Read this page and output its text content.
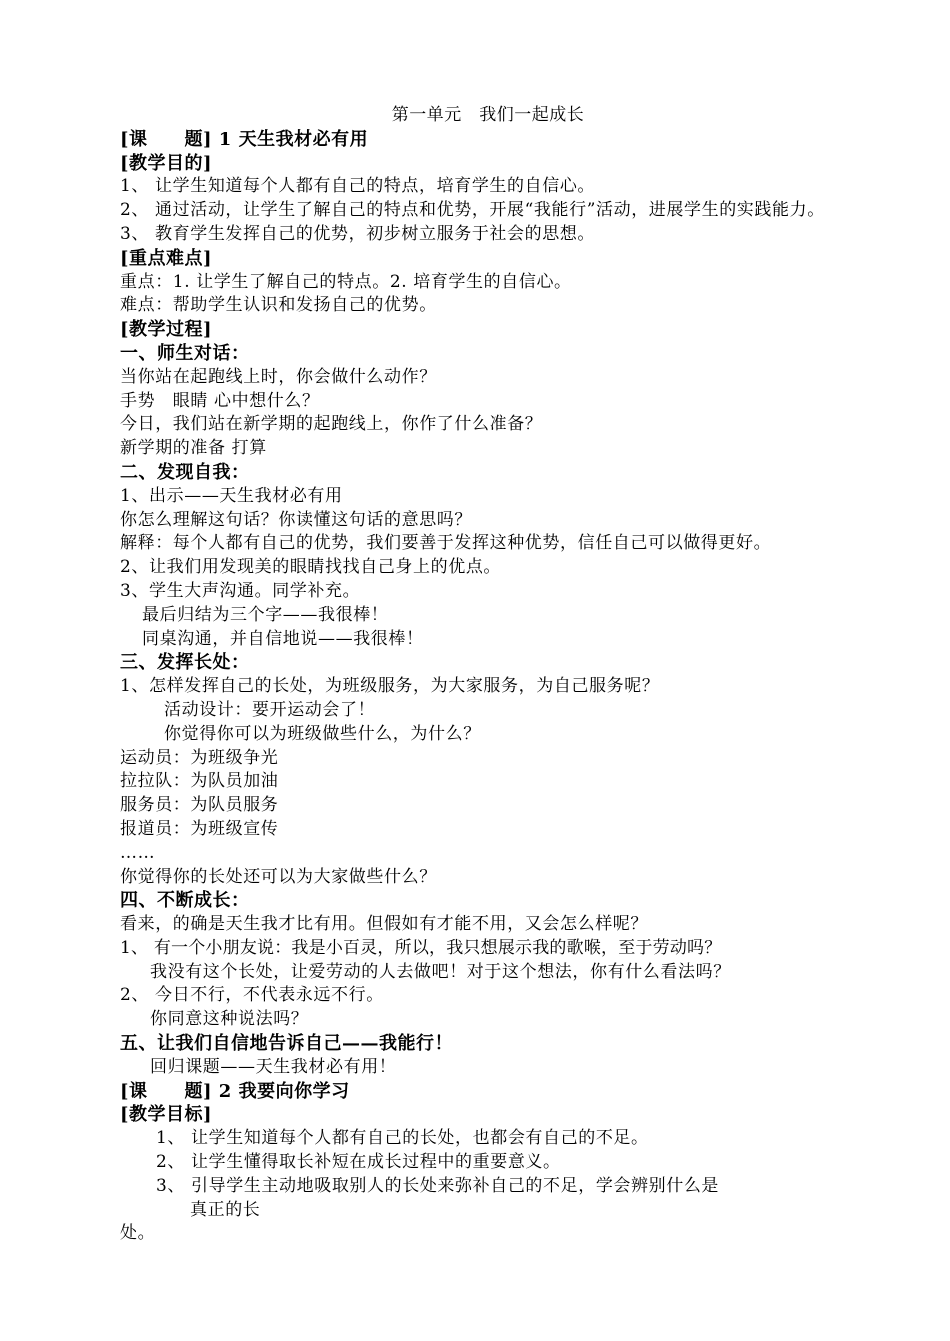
第一单元　我们一起成长
[课　　题] 1 天生我材必有用
[教学目的]
1、 让学生知道每个人都有自己的特点，培育学生的自信心。
2、 通过活动，让学生了解自己的特点和优势，开展“我能行”活动，进展学生的实践能力。
3、 教育学生发挥自己的优势，初步树立服务于社会的思想。
[重点难点]
重点：1. 让学生了解自己的特点。2. 培育学生的自信心。
难点：帮助学生认识和发扬自己的优势。
[教学过程]
一、师生对话：
当你站在起跑线上时，你会做什么动作？
手势　眼睛 心中想什么？
今日，我们站在新学期的起跑线上，你作了什么准备？
新学期的准备 打算
二、发现自我：
1、出示——天生我材必有用
你怎么理解这句话？你读懂这句话的意思吗？
解释：每个人都有自己的优势，我们要善于发挥这种优势，信任自己可以做得更好。
2、让我们用发现美的眼睛找找自己身上的优点。
3、学生大声沟通。同学补充。
最后归结为三个字——我很棒！
同桌沟通，并自信地说——我很棒！
三、发挥长处：
1、怎样发挥自己的长处，为班级服务，为大家服务，为自己服务呢？
活动设计：要开运动会了！
你觉得你可以为班级做些什么，为什么？
运动员：为班级争光
拉拉队：为队员加油
服务员：为队员服务
报道员：为班级宣传
……
你觉得你的长处还可以为大家做些什么？
四、不断成长：
看来，的确是天生我才比有用。但假如有才能不用，又会怎么样呢？
1、 有一个小朋友说：我是小百灵，所以，我只想展示我的歌喉，至于劳动吗？
我没有这个长处，让爱劳动的人去做吧！对于这个想法，你有什么看法吗？
2、 今日不行，不代表永远不行。
你同意这种说法吗？
五、让我们自信地告诉自己——我能行！
回归课题——天生我材必有用！
[课　　题] 2 我要向你学习
[教学目标]
1、 让学生知道每个人都有自己的长处，也都会有自己的不足。
2、 让学生懂得取长补短在成长过程中的重要意义。
3、 引导学生主动地吸取别人的长处来弥补自己的不足，学会辨别什么是
真正的长
处。
